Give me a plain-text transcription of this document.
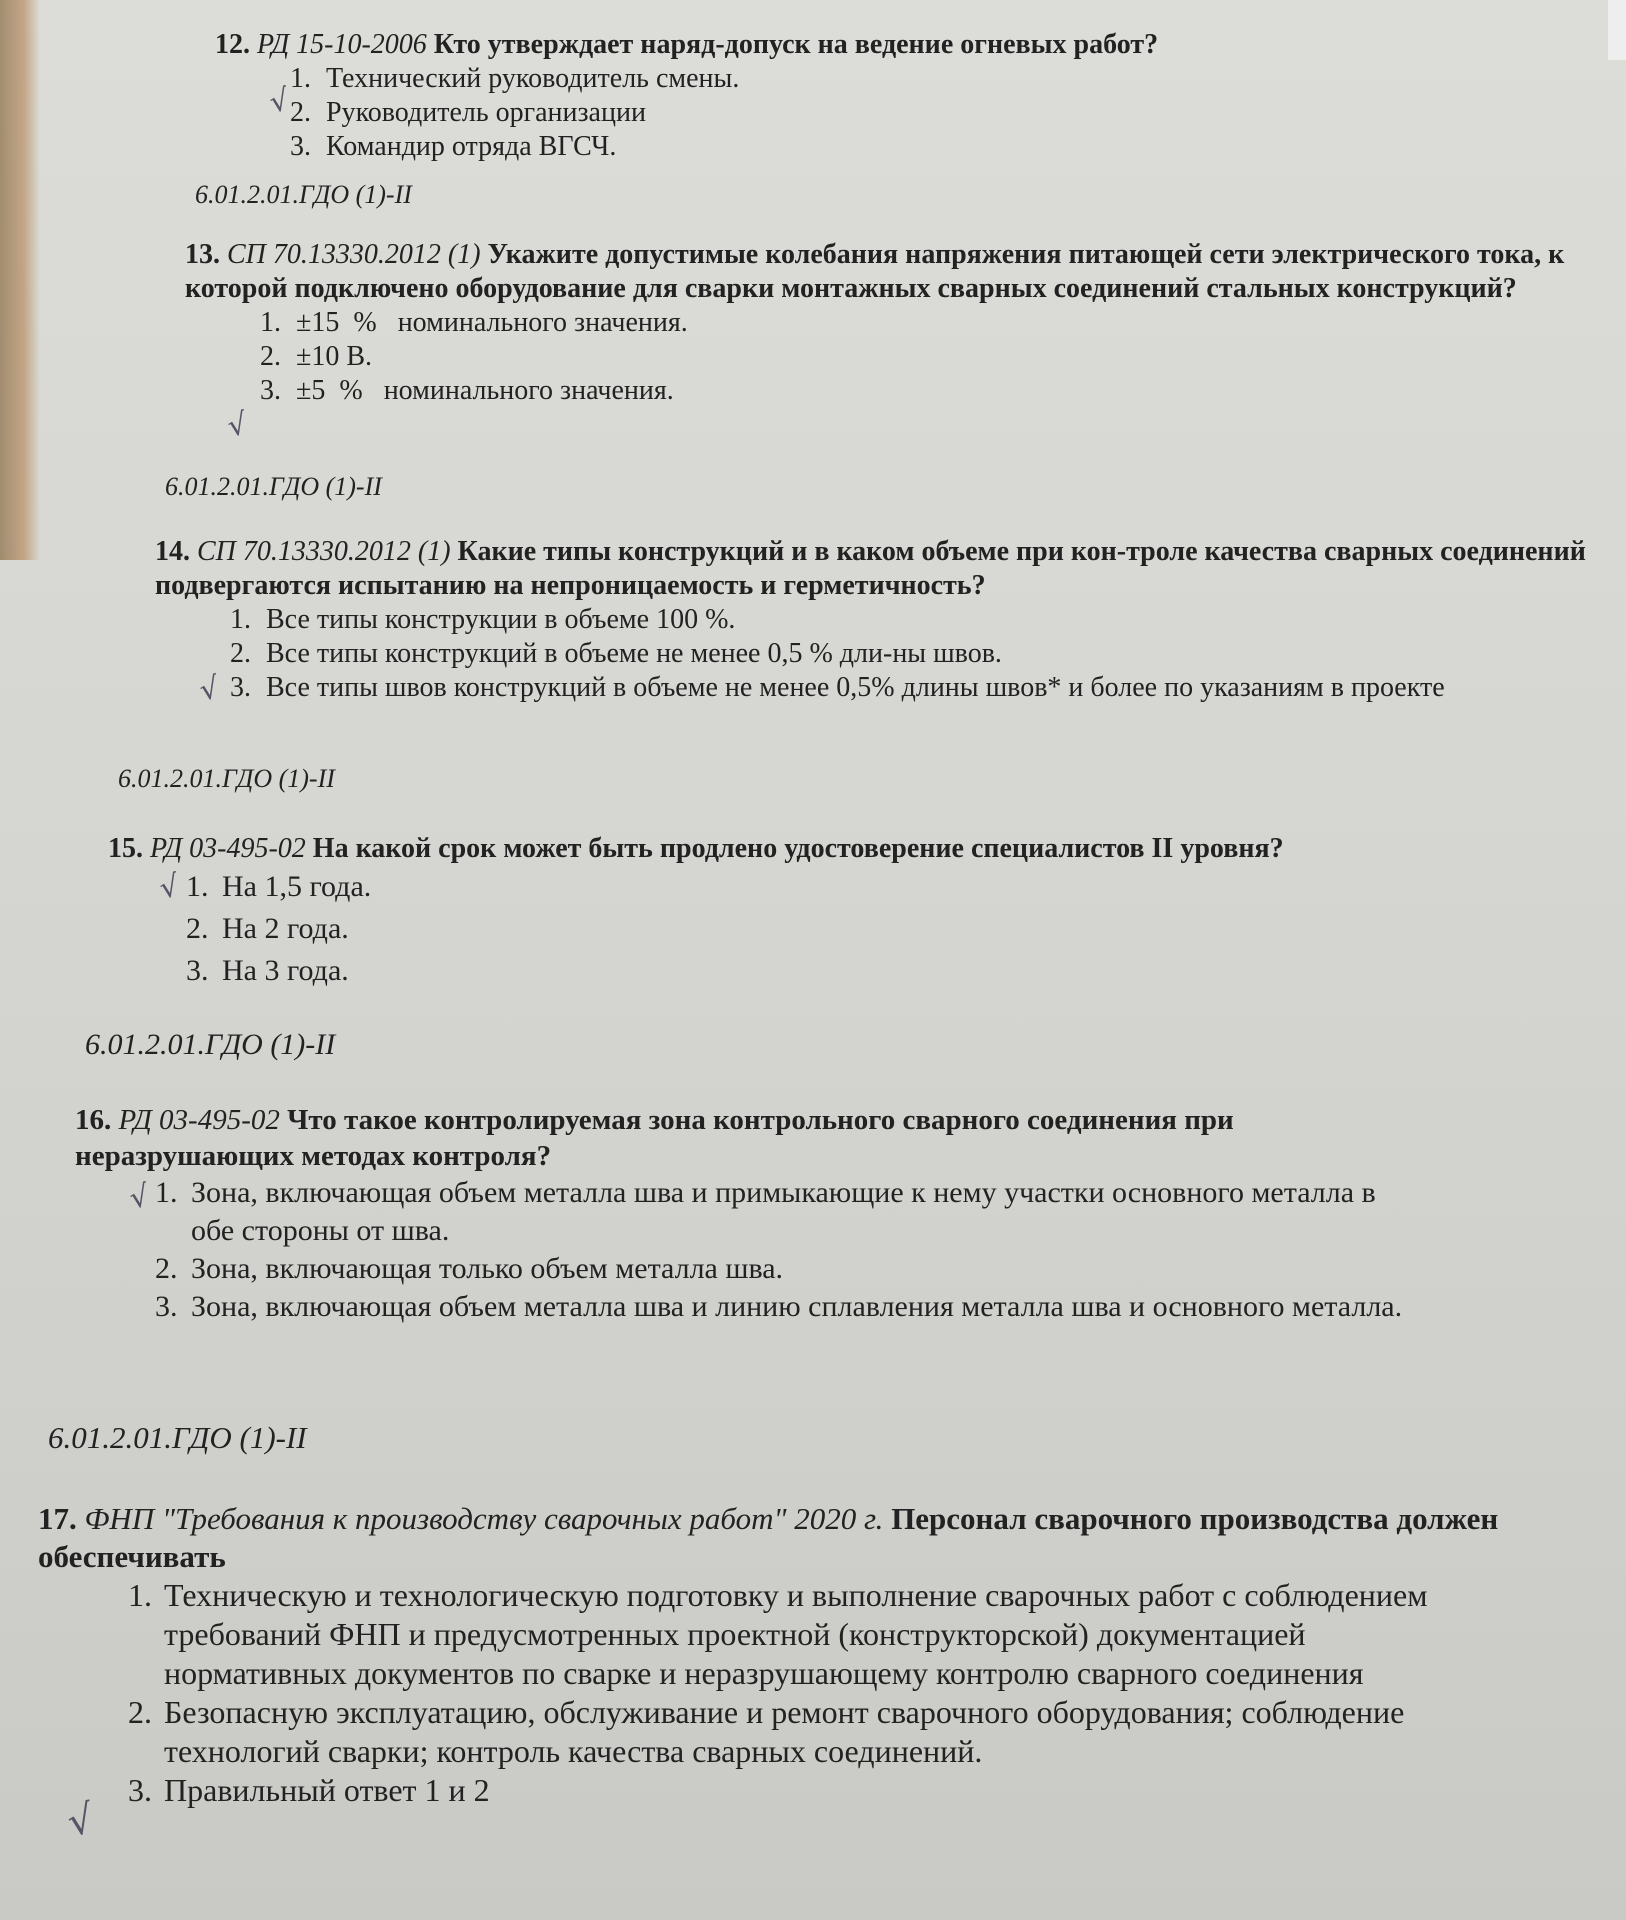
12. РД 15-10-2006 Кто утверждает наряд-допуск на ведение огневых работ?
1. Технический руководитель смены.
2. Руководитель организации
3. Командир отряда ВГСЧ.
√
6.01.2.01.ГДО (1)-II
13. СП 70.13330.2012 (1) Укажите допустимые колебания напряжения питающей сети электрического тока, к которой подключено оборудование для сварки монтажных сварных соединений стальных конструкций?
1. ±15  %   номинального значения.
2. ±10 В.
3. ±5  %   номинального значения.
√
6.01.2.01.ГДО (1)-II
14. СП 70.13330.2012 (1) Какие типы конструкций и в каком объеме при кон-троле качества сварных соединений подвергаются испытанию на непроницаемость и герметичность?
1. Все типы конструкции в объеме 100 %.
2. Все типы конструкций в объеме не менее 0,5 % дли-ны швов.
3. Все типы швов конструкций в объеме не менее 0,5% длины швов* и более по указаниям в проекте
√
6.01.2.01.ГДО (1)-II
15. РД 03-495-02 На какой срок может быть продлено удостоверение специалистов II уровня?
1. На 1,5 года.
2. На 2 года.
3. На 3 года.
√
6.01.2.01.ГДО (1)-II
16. РД 03-495-02 Что такое контролируемая зона контрольного сварного соединения при неразрушающих методах контроля?
1. Зона, включающая объем металла шва и примыкающие к нему участки основного металла в обе стороны от шва.
2. Зона, включающая только объем металла шва.
3. Зона, включающая объем металла шва и линию сплавления металла шва и основного металла.
√
6.01.2.01.ГДО (1)-II
17. ФНП "Требования к производству сварочных работ" 2020 г. Персонал сварочного производства должен обеспечивать
1. Техническую и технологическую подготовку и выполнение сварочных работ с соблюдением требований ФНП и предусмотренных проектной (конструкторской) документацией нормативных документов по сварке и неразрушающему контролю сварного соединения
2. Безопасную эксплуатацию, обслуживание и ремонт сварочного оборудования; соблюдение технологий сварки; контроль качества сварных соединений.
3. Правильный ответ 1 и 2
√
